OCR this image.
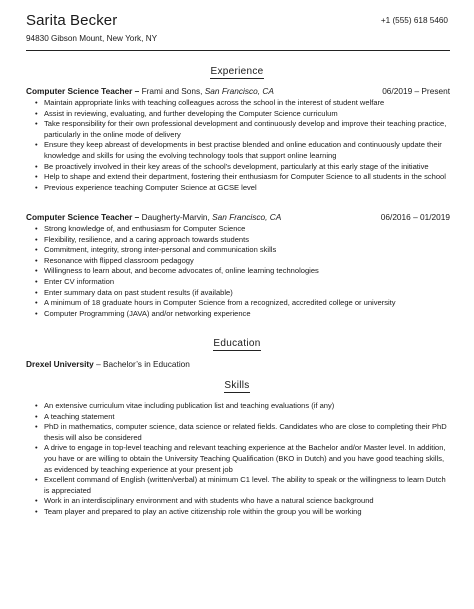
Sarita Becker
94830 Gibson Mount, New York, NY
+1 (555) 618 5460
Experience
Computer Science Teacher – Frami and Sons, San Francisco, CA	06/2019 – Present
• Maintain appropriate links with teaching colleagues across the school in the interest of student welfare
• Assist in reviewing, evaluating, and further developing the Computer Science curriculum
• Take responsibility for their own professional development and continuously develop and improve their teaching practice, particularly in the online mode of delivery
• Ensure they keep abreast of developments in best practise blended and online education and continuously update their knowledge and skills for using the evolving technology tools that support online learning
• Be proactively involved in their key areas of the school’s development, particularly at this early stage of the initiative
• Help to shape and extend their department, fostering their enthusiasm for Computer Science to all students in the school
• Previous experience teaching Computer Science at GCSE level
Computer Science Teacher – Daugherty-Marvin, San Francisco, CA	06/2016 – 01/2019
• Strong knowledge of, and enthusiasm for Computer Science
• Flexibility, resilience, and a caring approach towards students
• Commitment, integrity, strong inter-personal and communication skills
• Resonance with flipped classroom pedagogy
• Willingness to learn about, and become advocates of, online learning technologies
• Enter CV information
• Enter summary data on past student results (if available)
• A minimum of 18 graduate hours in Computer Science from a recognized, accredited college or university
• Computer Programming (JAVA) and/or networking experience
Education
Drexel University – Bachelor’s in Education
Skills
• An extensive curriculum vitae including publication list and teaching evaluations (if any)
• A teaching statement
• PhD in mathematics, computer science, data science or related fields. Candidates who are close to completing their PhD thesis will also be considered
• A drive to engage in top-level teaching and relevant teaching experience at the Bachelor and/or Master level. In addition, you have or are willing to obtain the University Teaching Qualification (BKO in Dutch) and you have good teaching skills, as evidenced by teaching experience at your present job
• Excellent command of English (written/verbal) at minimum C1 level. The ability to speak or the willingness to learn Dutch is appreciated
• Work in an interdisciplinary environment and with students who have a natural science background
• Team player and prepared to play an active citizenship role within the group you will be working
